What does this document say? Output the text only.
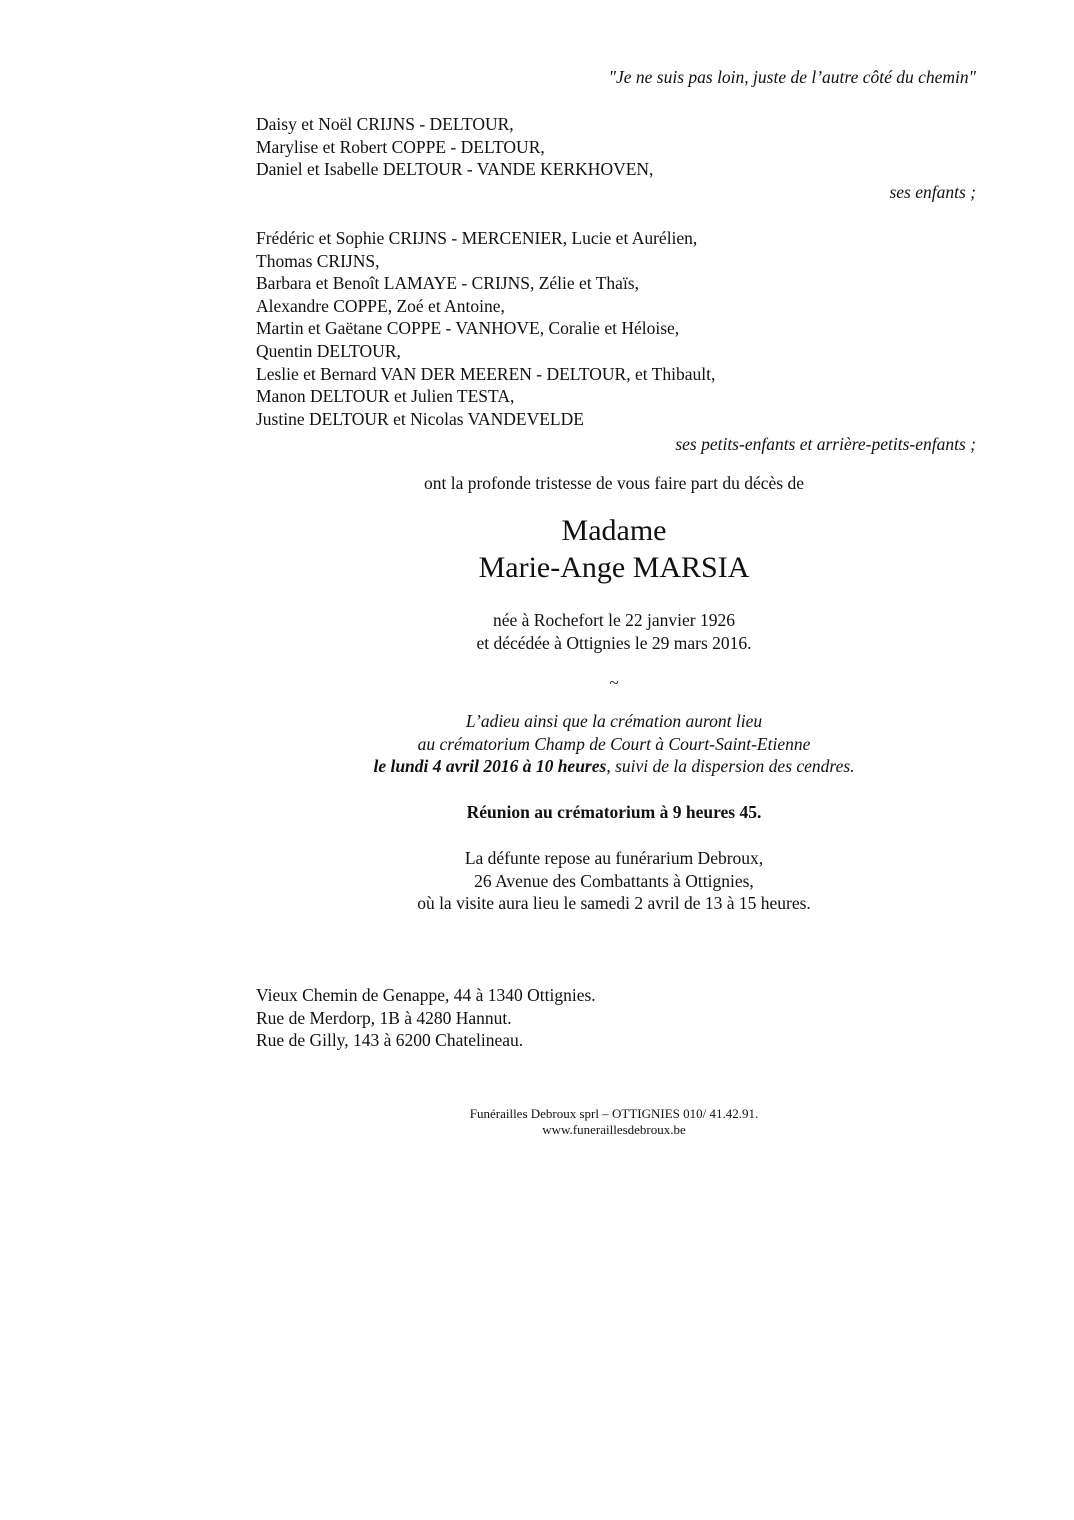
"Je ne suis pas loin, juste de l’autre côté du chemin"
Daisy et Noël CRIJNS - DELTOUR,
Marylise et Robert COPPE - DELTOUR,
Daniel et Isabelle DELTOUR - VANDE KERKHOVEN,
ses enfants ;
Frédéric et Sophie CRIJNS - MERCENIER, Lucie et Aurélien,
Thomas CRIJNS,
Barbara et Benoît LAMAYE - CRIJNS, Zélie et Thaïs,
Alexandre COPPE, Zoé et Antoine,
Martin et Gaëtane COPPE - VANHOVE, Coralie et Héloise,
Quentin DELTOUR,
Leslie et Bernard VAN DER MEEREN - DELTOUR, et Thibault,
Manon DELTOUR et Julien TESTA,
Justine DELTOUR et Nicolas VANDEVELDE
ses petits-enfants et arrière-petits-enfants ;
ont la profonde tristesse de vous faire part du décès de
Madame
Marie-Ange MARSIA
née à Rochefort le 22 janvier 1926
et décédée à Ottignies le 29 mars 2016.
~
L’adieu ainsi que la crémation auront lieu
au crématorium Champ de Court à Court-Saint-Etienne
le lundi 4 avril 2016 à 10 heures, suivi de la dispersion des cendres.
Réunion au crématorium à 9 heures 45.
La défunte repose au funérarium Debroux,
26 Avenue des Combattants à Ottignies,
où la visite aura lieu le samedi 2 avril de 13 à 15 heures.
Vieux Chemin de Genappe, 44 à 1340 Ottignies.
Rue de Merdorp, 1B à 4280 Hannut.
Rue de Gilly, 143 à 6200 Chatelineau.
Funérailles Debroux sprl – OTTIGNIES 010/ 41.42.91.
www.funeraillesdebroux.be
